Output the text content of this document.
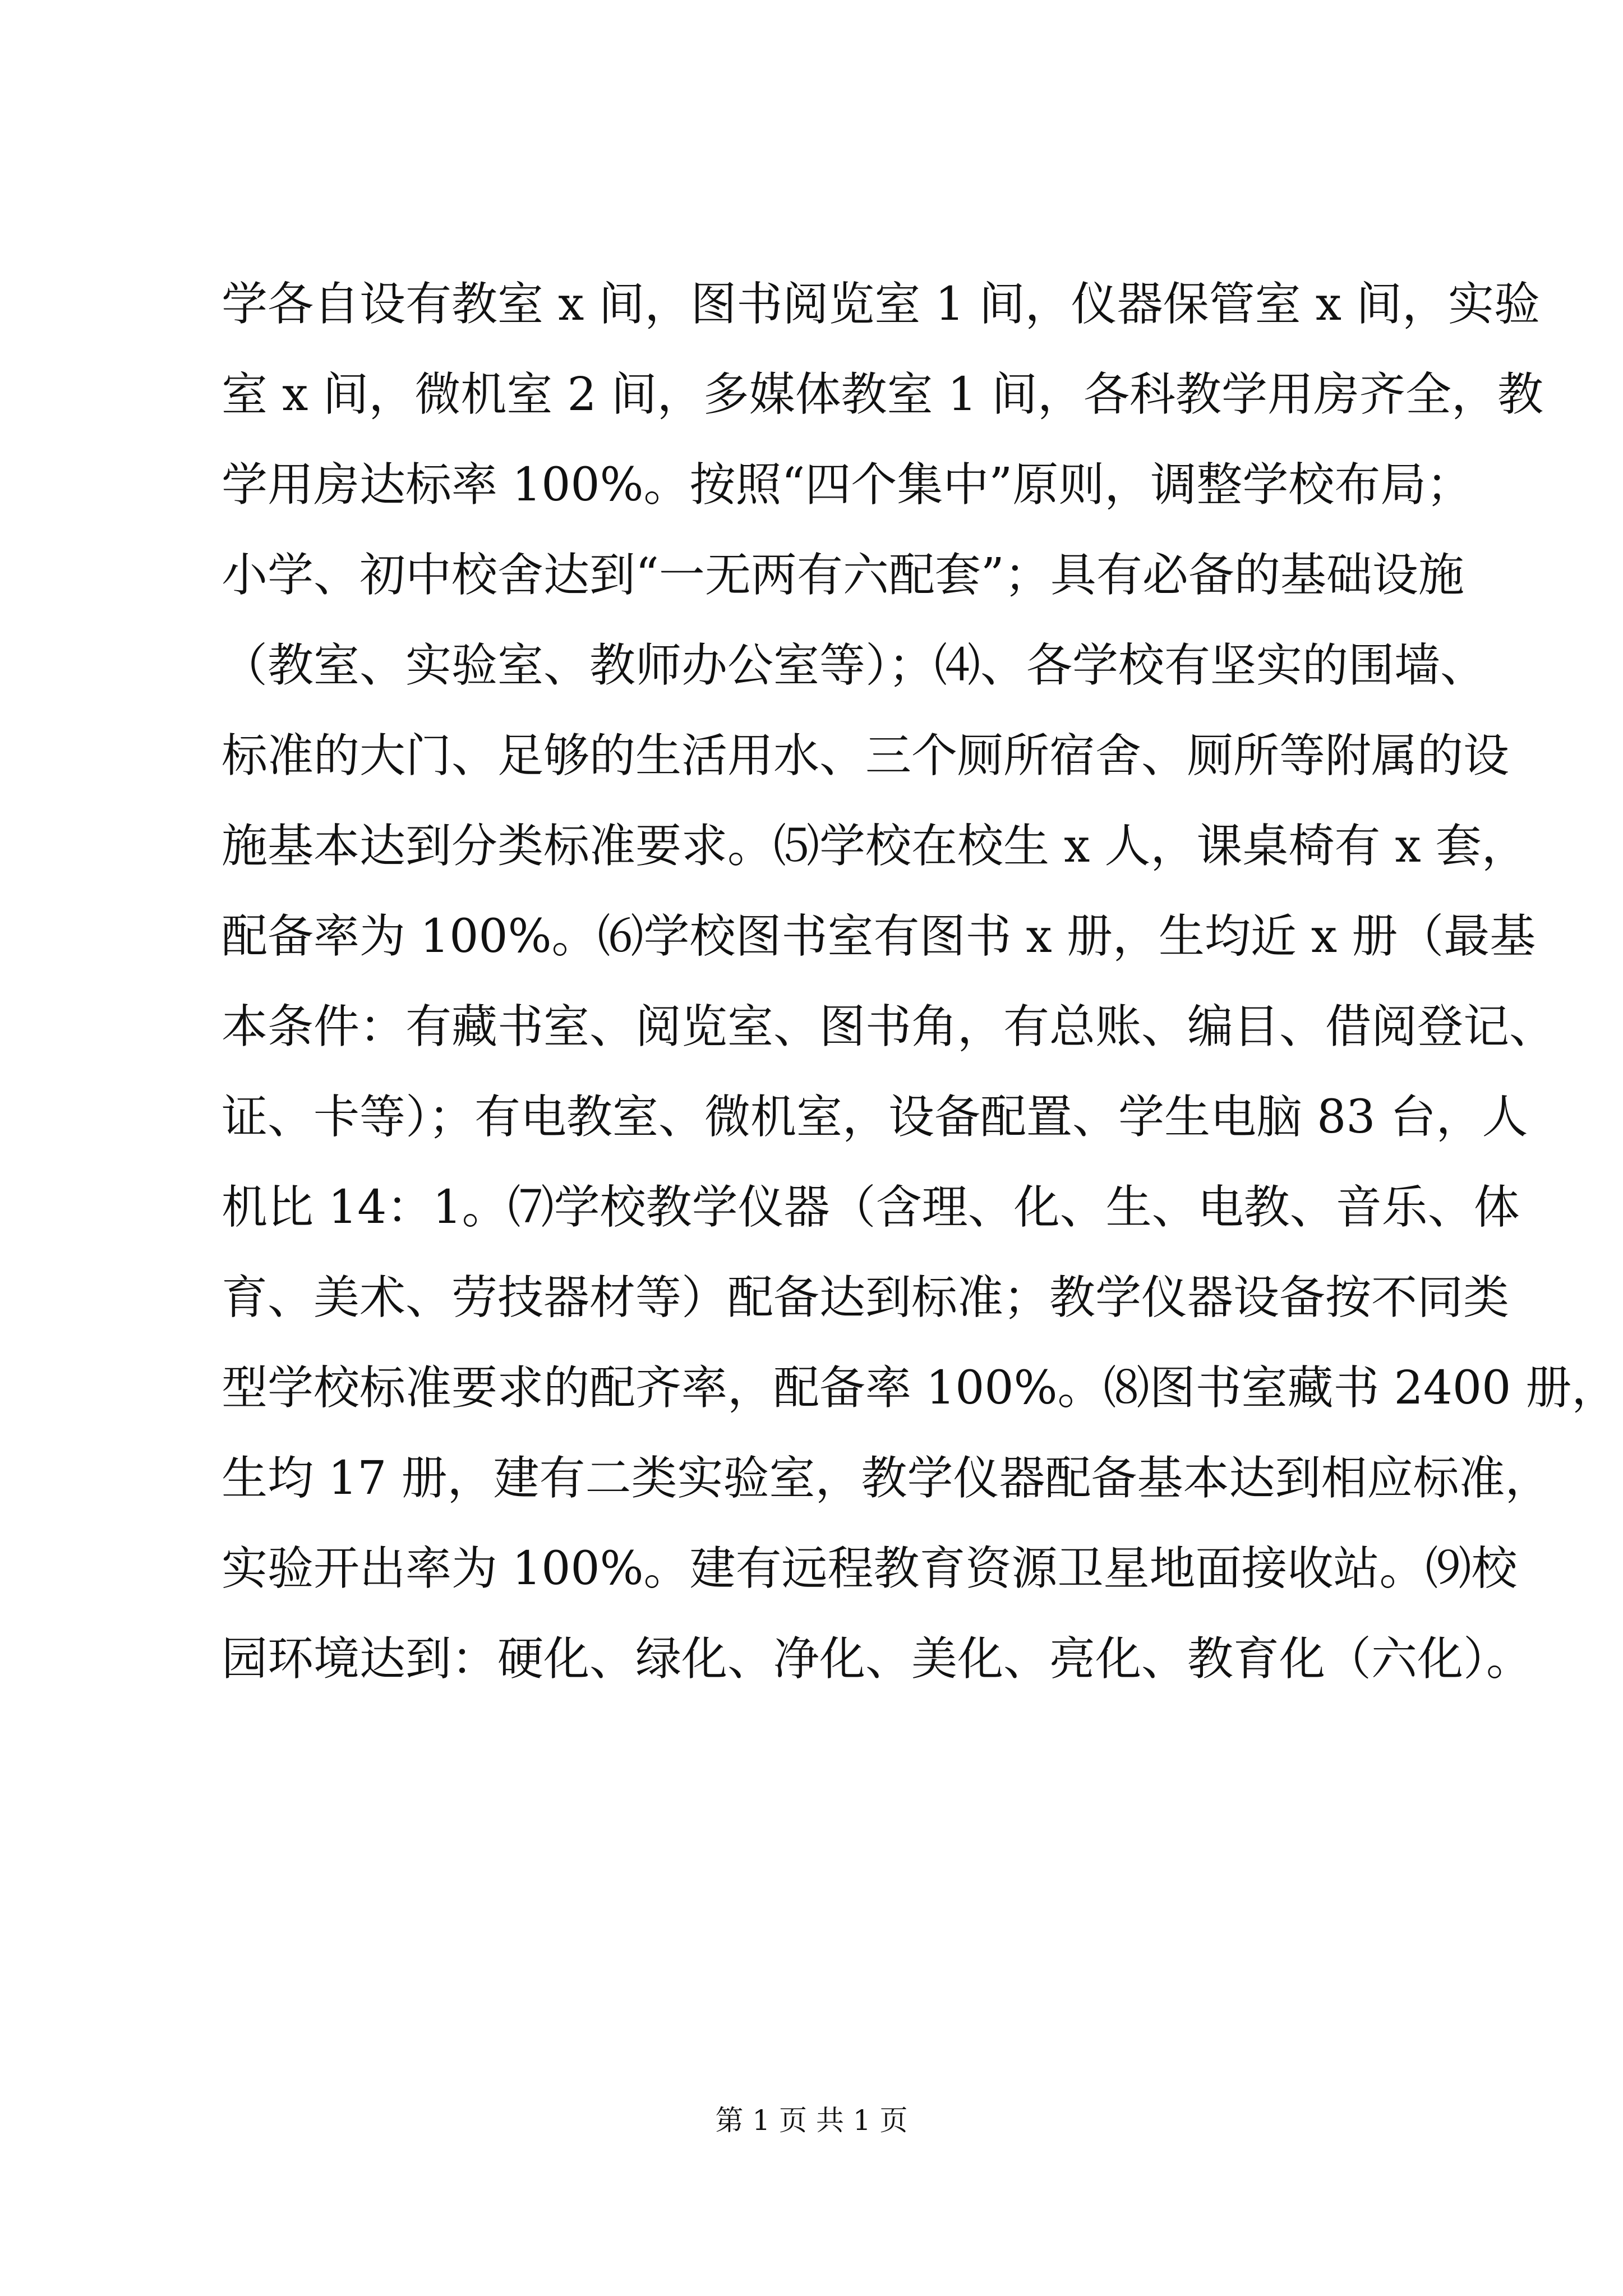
学各自设有教室 x 间，图书阅览室 1 间，仪器保管室 x 间，实验
室 x 间，微机室 2 间，多媒体教室 1 间，各科教学用房齐全，教
学用房达标率 100%。按照“四个集中”原则，调整学校布局；
小学、初中校舍达到“一无两有六配套”；具有必备的基础设施
（教室、实验室、教师办公室等）；⑷、各学校有坚实的围墙、
标准的大门、足够的生活用水、三个厕所宿舍、厕所等附属的设
施基本达到分类标准要求。⑸学校在校生 x 人，课桌椅有 x 套，
配备率为 100%。⑹学校图书室有图书 x 册，生均近 x 册（最基
本条件：有藏书室、阅览室、图书角，有总账、编目、借阅登记、
证、卡等）；有电教室、微机室，设备配置、学生电脑 83 台，人
机比 14：1。⑺学校教学仪器（含理、化、生、电教、音乐、体
育、美术、劳技器材等）配备达到标准；教学仪器设备按不同类
型学校标准要求的配齐率，配备率 100%。⑻图书室藏书 2400 册，
生均 17 册，建有二类实验室，教学仪器配备基本达到相应标准，
实验开出率为 100%。建有远程教育资源卫星地面接收站。⑼校
园环境达到：硬化、绿化、净化、美化、亮化、教育化（六化）。
第 1 页 共 1 页
